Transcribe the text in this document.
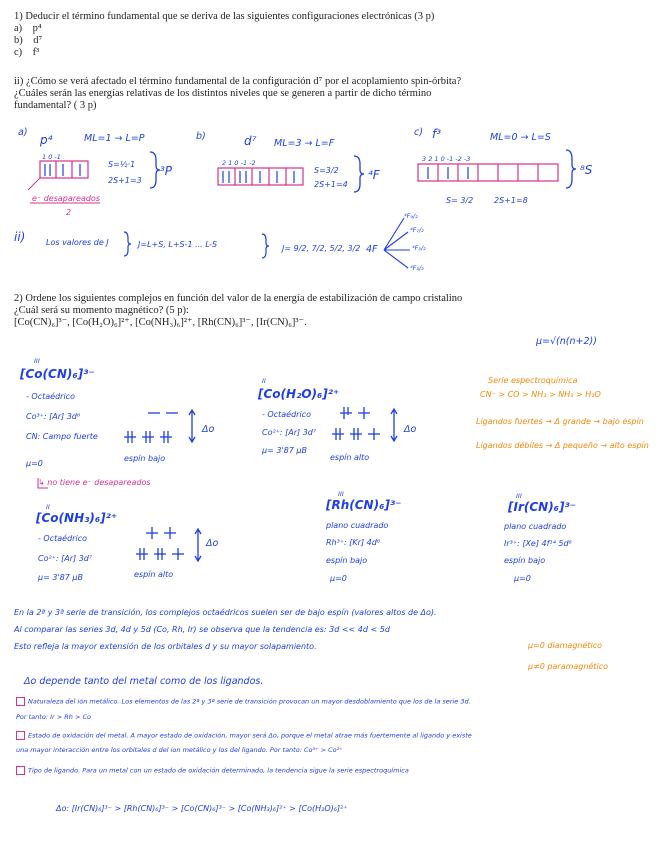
1) Deducir el término fundamental que se deriva de las siguientes configuraciones electrónicas (3 p)
a) p⁴
b) d⁷
c) f³
ii) ¿Cómo se verá afectado el término fundamental de la configuración d⁷ por el acoplamiento spin-órbita?
¿Cuáles serán las energías relativas de los distintos niveles que se generen a partir de dicho término
fundamental? ( 3 p)
a)
p⁴	ML=1 → L=P
1 0 -1
S=½·1
2S+1=3
³P
e⁻ desapareados
2
b)	d⁷ ML=3 → L=F
2 1 0 -1 -2
S=3/2
2S+1=4
⁴F
c) f³	ML=0 → L=S
3 2 1 0 -1 -2 -3
S= 3/2	2S+1=8
⁸S
ii)	Los valores de J	J=L+S, L+S-1 ... L-S	J= 9/2, 7/2, 5/2, 3/2 4F
⁴F₉/₂
⁴F₇/₂
⁴F₅/₂
⁴F₃/₂
2) Ordene los siguientes complejos en función del valor de la energía de estabilización de campo cristalino
¿Cuál será su momento magnético? (5 p):
[Co(CN)₆]³⁻, [Co(H₂O)₆]²⁺, [Co(NH₃)₆]²⁺, [Rh(CN)₆]³⁻, [Ir(CN)₆]³⁻.
μ=√(n(n+2))
III
[Co(CN)₆]³⁻
- Octaédrico
Co³⁺: [Ar] 3d⁶
CN: Campo fuerte
μ=0
espín bajo
Δo
↳ no tiene e⁻ desapareados
II
[Co(H₂O)₆]²⁺
- Octaédrico
Co²⁺: [Ar] 3d⁷
μ= 3'87 μB
espín alto
Δo
Serie espectroquímica
CN⁻ > CO > NH₃ > NH₃ > H₂O
Ligandos fuertes → Δ grande → bajo espín
Ligandos débiles → Δ pequeño → alto espín
II
[Co(NH₃)₆]²⁺
- Octaédrico
Co²⁺: [Ar] 3d⁷
μ= 3'87 μB	espín alto
Δo
III
[Rh(CN)₆]³⁻
plano cuadrado
Rh³⁺: [Kr] 4d⁶
espín bajo
μ=0
III
[Ir(CN)₆]³⁻
plano cuadrado
Ir³⁺: [Xe] 4f¹⁴ 5d⁶
espín bajo
μ=0
En la 2ª y 3ª serie de transición, los complejos octaédricos suelen ser de bajo espín (valores altos de Δo).
Al comparar las series 3d, 4d y 5d (Co, Rh, Ir) se observa que la tendencia es: 3d << 4d < 5d
Esto refleja la mayor extensión de los orbitales d y su mayor solapamiento.	μ=0 diamagnético
μ≠0 paramagnético
Δo depende tanto del metal como de los ligandos.
Naturaleza del ión metálico. Los elementos de las 2ª y 3ª serie de transición provocan un mayor desdoblamiento que los de la serie 3d.
Por tanto: Ir > Rh > Co
Estado de oxidación del metal. A mayor estado de oxidación, mayor será Δo, porque el metal atrae más fuertemente al ligando y existe
una mayor interacción entre los orbitales d del ion metálico y los del ligando. Por tanto: Co³⁺ > Co²⁺
Tipo de ligando. Para un metal con un estado de oxidación determinado, la tendencia sigue la serie espectroquímica
Δo: [Ir(CN)₆]³⁻ > [Rh(CN)₆]³⁻ > [Co(CN)₆]³⁻ > [Co(NH₃)₆]²⁺ > [Co(H₂O)₆]²⁺
